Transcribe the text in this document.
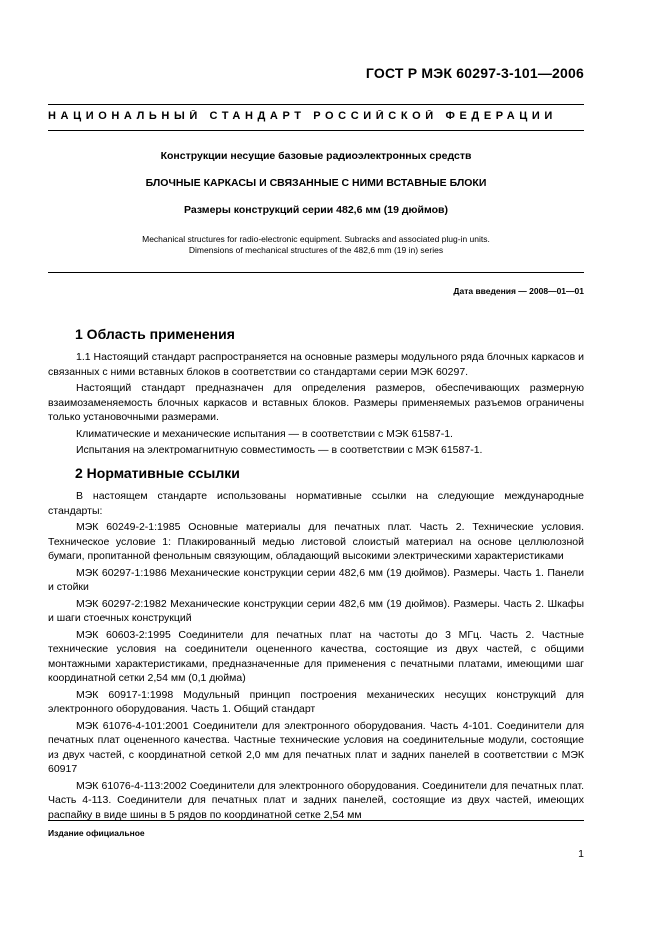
ГОСТ Р МЭК 60297-3-101—2006
НАЦИОНАЛЬНЫЙ СТАНДАРТ РОССИЙСКОЙ ФЕДЕРАЦИИ
Конструкции несущие базовые радиоэлектронных средств
БЛОЧНЫЕ КАРКАСЫ И СВЯЗАННЫЕ С НИМИ ВСТАВНЫЕ БЛОКИ
Размеры конструкций серии 482,6 мм (19 дюймов)
Mechanical structures for radio-electronic equipment. Subracks and associated plug-in units.
Dimensions of mechanical structures of the 482,6 mm (19 in) series
Дата введения — 2008—01—01
1 Область применения

1.1 Настоящий стандарт распространяется на основные размеры модульного ряда блочных каркасов и связанных с ними вставных блоков в соответствии со стандартами серии МЭК 60297.

Настоящий стандарт предназначен для определения размеров, обеспечивающих размерную взаимозаменяемость блочных каркасов и вставных блоков. Размеры применяемых разъемов ограничены только установочными размерами.

Климатические и механические испытания — в соответствии с МЭК 61587-1.

Испытания на электромагнитную совместимость — в соответствии с МЭК 61587-1.

2 Нормативные ссылки

В настоящем стандарте использованы нормативные ссылки на следующие международные стандарты:

МЭК 60249-2-1:1985 Основные материалы для печатных плат. Часть 2. Технические условия. Техническое условие 1: Плакированный медью листовой слоистый материал на основе целлюлозной бумаги, пропитанной фенольным связующим, обладающий высокими электрическими характеристиками

МЭК 60297-1:1986 Механические конструкции серии 482,6 мм (19 дюймов). Размеры. Часть 1. Панели и стойки

МЭК 60297-2:1982 Механические конструкции серии 482,6 мм (19 дюймов). Размеры. Часть 2. Шкафы и шаги стоечных конструкций

МЭК 60603-2:1995 Соединители для печатных плат на частоты до 3 МГц. Часть 2. Частные технические условия на соединители оцененного качества, состоящие из двух частей, с общими монтажными характеристиками, предназначенные для применения с печатными платами, имеющими шаг координатной сетки 2,54 мм (0,1 дюйма)

МЭК 60917-1:1998 Модульный принцип построения механических несущих конструкций для электронного оборудования. Часть 1. Общий стандарт

МЭК 61076-4-101:2001 Соединители для электронного оборудования. Часть 4-101. Соединители для печатных плат оцененного качества. Частные технические условия на соединительные модули, состоящие из двух частей, с координатной сеткой 2,0 мм для печатных плат и задних панелей в соответствии с МЭК 60917

МЭК 61076-4-113:2002 Соединители для электронного оборудования. Соединители для печатных плат. Часть 4-113. Соединители для печатных плат и задних панелей, состоящие из двух частей, имеющих распайку в виде шины в 5 рядов по координатной сетке 2,54 мм

Издание официальное
1
